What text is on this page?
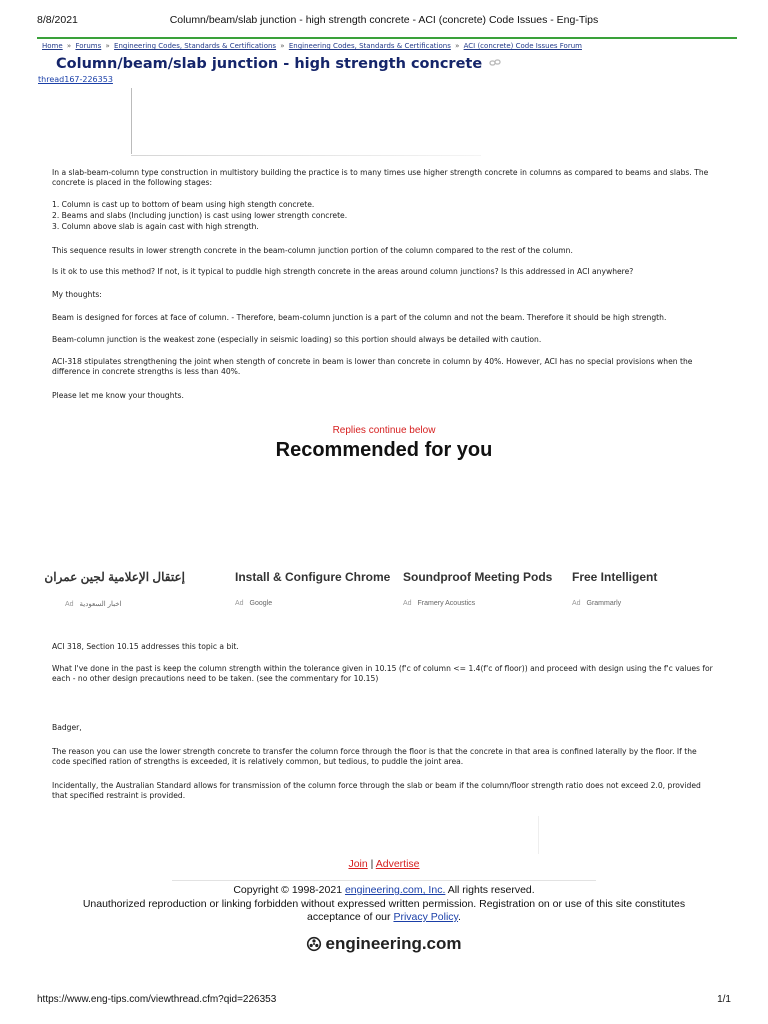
8/8/2021	Column/beam/slab junction - high strength concrete - ACI (concrete) Code Issues - Eng-Tips
Home » Forums » Engineering Codes, Standards & Certifications » Engineering Codes, Standards & Certifications » ACI (concrete) Code Issues Forum
Column/beam/slab junction - high strength concrete
thread167-226353

In a slab-beam-column type construction in multistory building the practice is to many times use higher strength concrete in columns as compared to beams and slabs. The concrete is placed in the following stages:

1. Column is cast up to bottom of beam using high stength concrete.

2. Beams and slabs (Including junction) is cast using lower strength concrete.

3. Column above slab is again cast with high strength.

This sequence results in lower strength concrete in the beam-column junction portion of the column compared to the rest of the column.

Is it ok to use this method? If not, is it typical to puddle high strength concrete in the areas around column junctions? Is this addressed in ACI anywhere?

My thoughts:

Beam is designed for forces at face of column. - Therefore, beam-column junction is a part of the column and not the beam. Therefore it should be high strength.

Beam-column junction is the weakest zone (especially in seismic loading) so this portion should always be detailed with caution.

ACI-318 stipulates strengthening the joint when stength of concrete in beam is lower than concrete in column by 40%. However, ACI has no special provisions when the difference in concrete strengths is less than 40%.

Please let me know your thoughts.

Replies continue below
Recommended for you
إعتقال الإعلامية لجين عمران
Ad اخبار السعودية
Install & Configure Chrome
Ad Google
Soundproof Meeting Pods
Ad Framery Acoustics
Free Intelligent
Ad Grammarly

ACI 318, Section 10.15 addresses this topic a bit.

What I've done in the past is keep the column strength within the tolerance given in 10.15 (f'c of column <= 1.4(f'c of floor)) and proceed with design using the f'c values for each - no other design precautions need to be taken. (see the commentary for 10.15)

Badger,

The reason you can use the lower strength concrete to transfer the column force through the floor is that the concrete in that area is confined laterally by the floor. If the code specified ration of strengths is exceeded, it is relatively common, but tedious, to puddle the joint area.

Incidentally, the Australian Standard allows for transmission of the column force through the slab or beam if the column/floor strength ratio does not exceed 2.0, provided that specified restraint is provided.

Join | Advertise
Copyright © 1998-2021 engineering.com, Inc. All rights reserved.
Unauthorized reproduction or linking forbidden without expressed written permission. Registration on or use of this site constitutes acceptance of our Privacy Policy.
engineering.com
https://www.eng-tips.com/viewthread.cfm?qid=226353	1/1
